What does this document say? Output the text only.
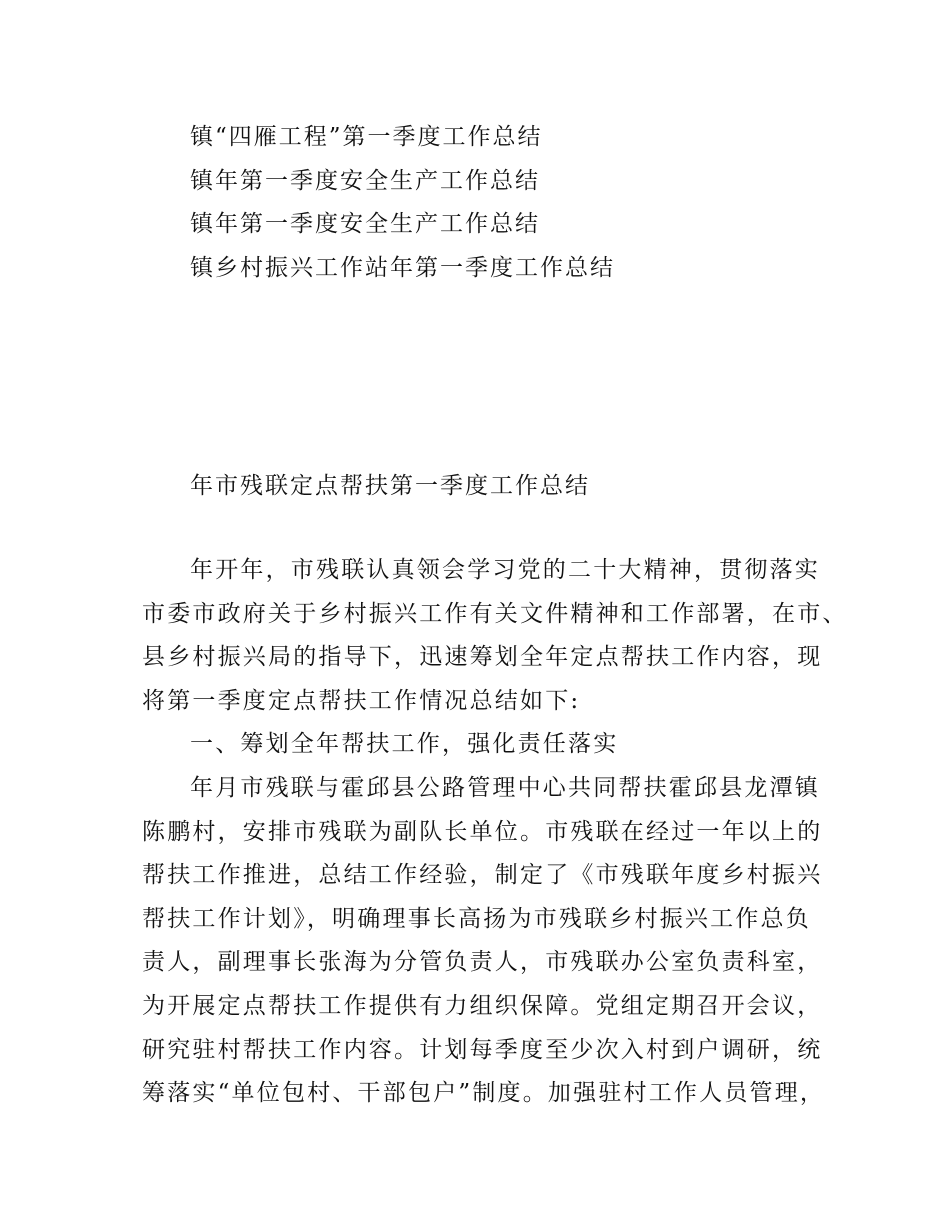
镇“四雁工程”第一季度工作总结
镇年第一季度安全生产工作总结
镇年第一季度安全生产工作总结
镇乡村振兴工作站年第一季度工作总结
年市残联定点帮扶第一季度工作总结
年开年，市残联认真领会学习党的二十大精神，贯彻落实
市委市政府关于乡村振兴工作有关文件精神和工作部署，在市、
县乡村振兴局的指导下，迅速筹划全年定点帮扶工作内容，现
将第一季度定点帮扶工作情况总结如下:
一、筹划全年帮扶工作，强化责任落实
年月市残联与霍邱县公路管理中心共同帮扶霍邱县龙潭镇
陈鹏村，安排市残联为副队长单位。市残联在经过一年以上的
帮扶工作推进，总结工作经验，制定了《市残联年度乡村振兴
帮扶工作计划》，明确理事长高扬为市残联乡村振兴工作总负
责人，副理事长张海为分管负责人，市残联办公室负责科室，
为开展定点帮扶工作提供有力组织保障。党组定期召开会议，
研究驻村帮扶工作内容。计划每季度至少次入村到户调研，统
筹落实“单位包村、干部包户”制度。加强驻村工作人员管理，
